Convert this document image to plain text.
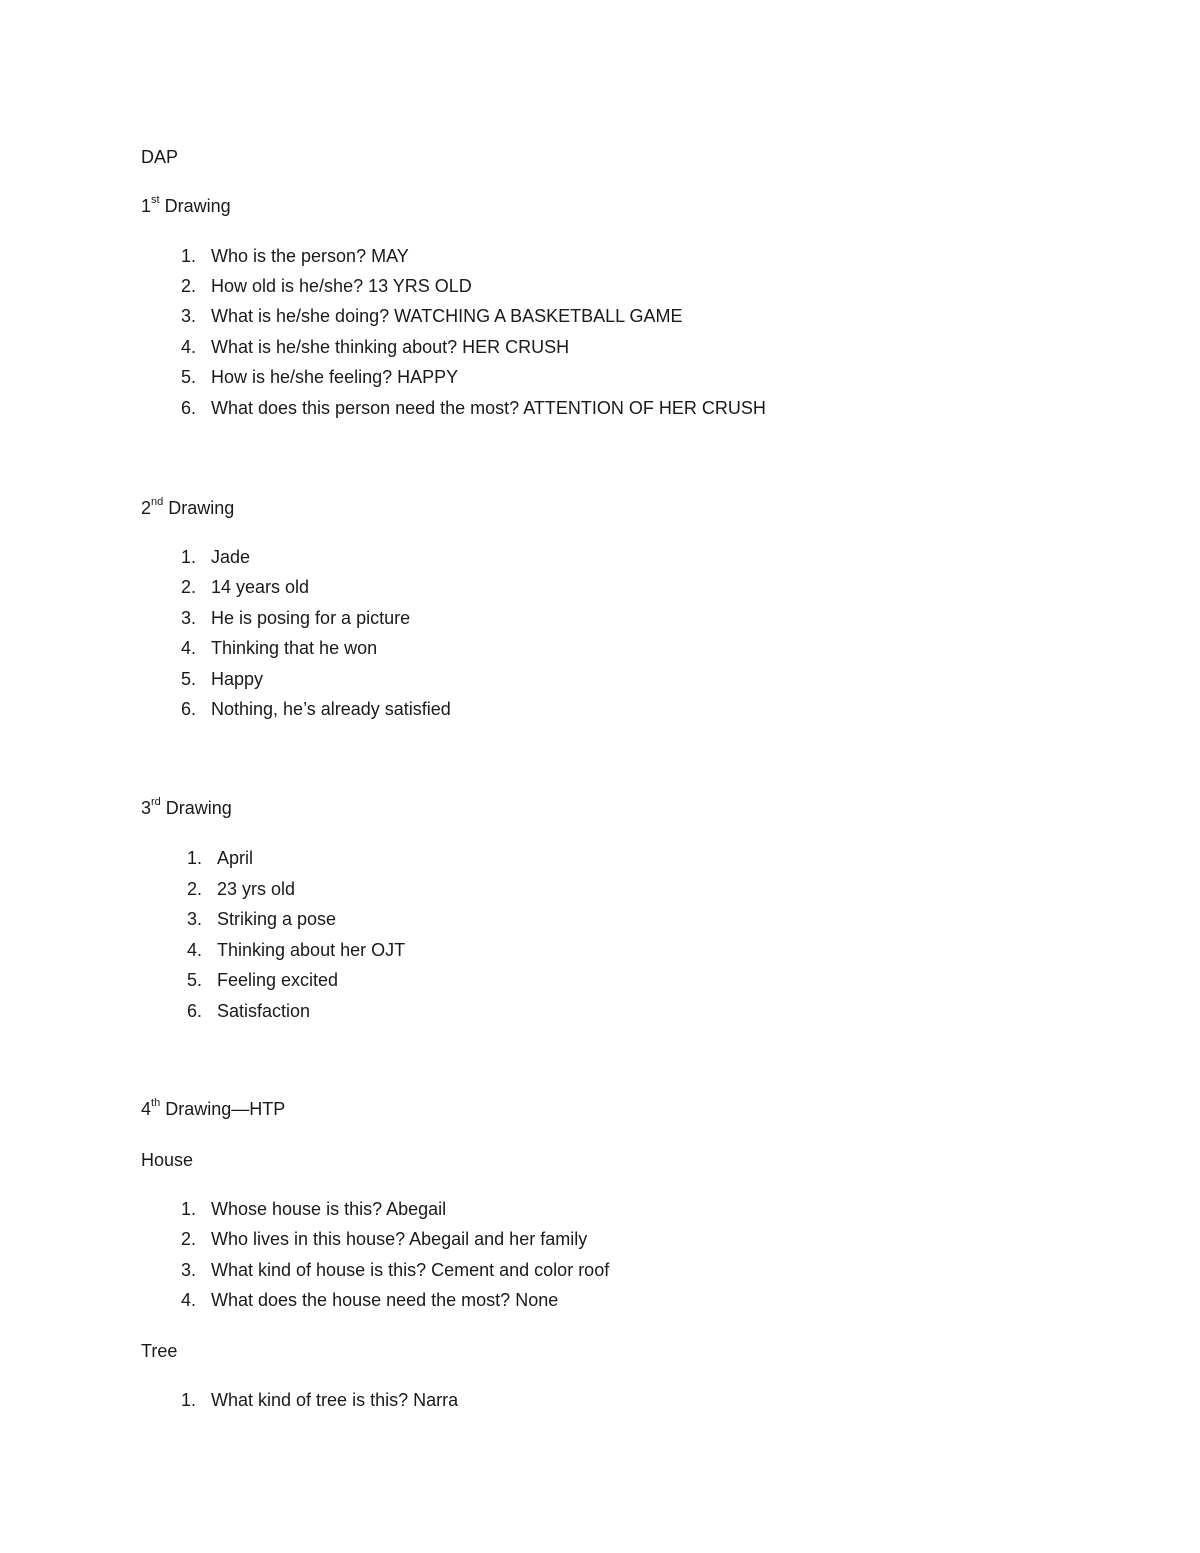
DAP
1st Drawing
1. Who is the person? MAY
2. How old is he/she? 13 YRS OLD
3. What is he/she doing? WATCHING A BASKETBALL GAME
4. What is he/she thinking about? HER CRUSH
5. How is he/she feeling? HAPPY
6. What does this person need the most? ATTENTION OF HER CRUSH
2nd Drawing
1. Jade
2. 14 years old
3. He is posing for a picture
4. Thinking that he won
5. Happy
6. Nothing, he’s already satisfied
3rd Drawing
1. April
2. 23 yrs old
3. Striking a pose
4. Thinking about her OJT
5. Feeling excited
6. Satisfaction
4th Drawing—HTP
House
1. Whose house is this? Abegail
2. Who lives in this house? Abegail and her family
3. What kind of house is this? Cement and color roof
4. What does the house need the most? None
Tree
1. What kind of tree is this? Narra
